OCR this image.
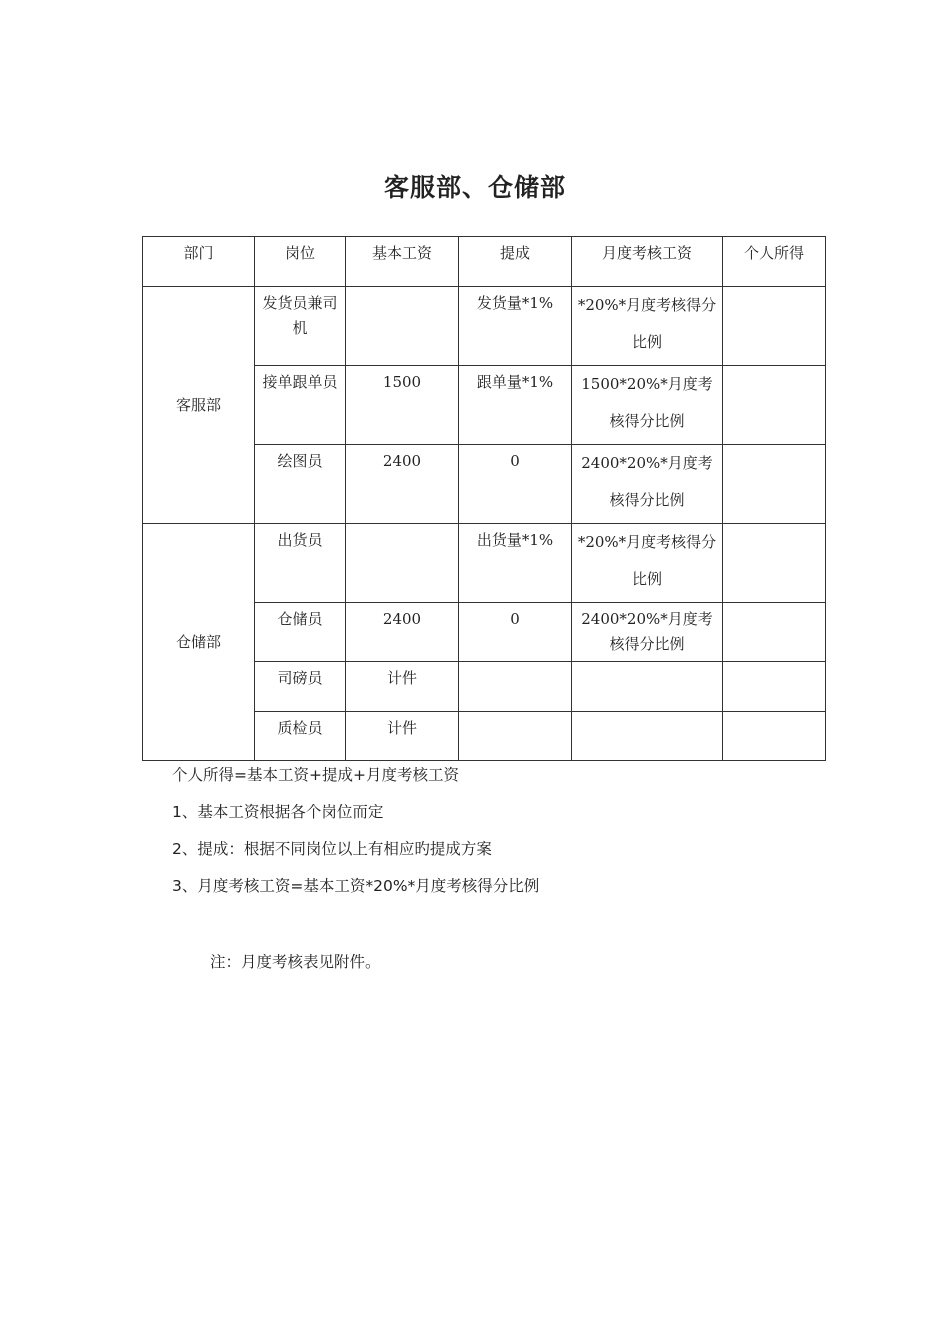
客服部、仓储部
部门	岗位	基本工资	提成	月度考核工资	个人所得
客服部	发货员兼司机		发货量*1%	*20%*月度考核得分比例	
	接单跟单员	1500	跟单量*1%	1500*20%*月度考核得分比例	
	绘图员	2400	0	2400*20%*月度考核得分比例	
仓储部	出货员		出货量*1%	*20%*月度考核得分比例	
	仓储员	2400	0	2400*20%*月度考核得分比例	
	司磅员	计件			
	质检员	计件			
个人所得=基本工资+提成+月度考核工资
1、基本工资根据各个岗位而定
2、提成：根据不同岗位以上有相应旳提成方案
3、月度考核工资=基本工资*20%*月度考核得分比例
注：月度考核表见附件。
